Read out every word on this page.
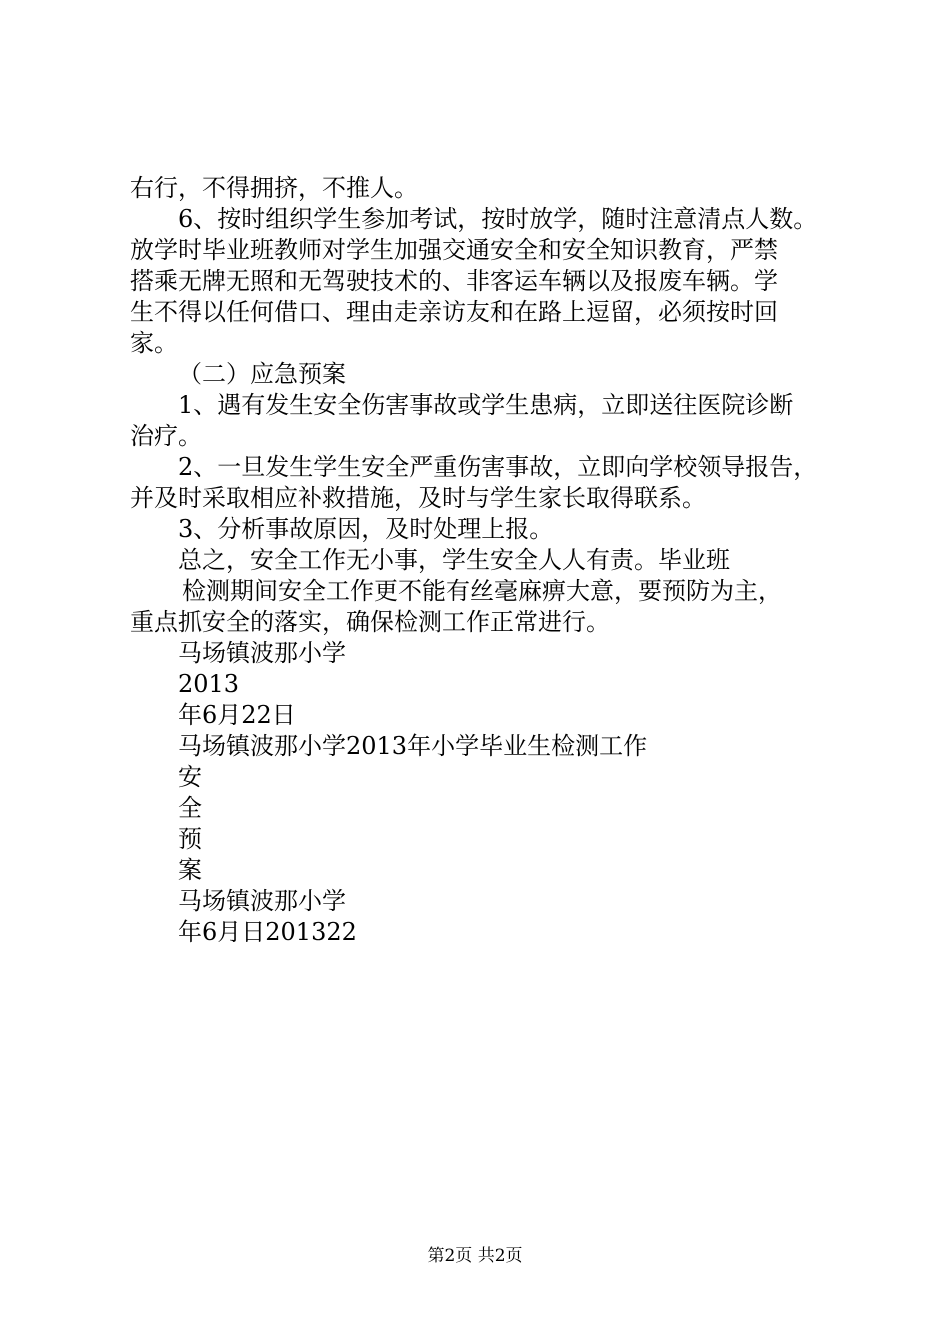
右行，不得拥挤，不推人。
6、按时组织学生参加考试，按时放学，随时注意清点人数。
放学时毕业班教师对学生加强交通安全和安全知识教育，严禁
搭乘无牌无照和无驾驶技术的、非客运车辆以及报废车辆。学
生不得以任何借口、理由走亲访友和在路上逗留，必须按时回
家。
（二）应急预案
1、遇有发生安全伤害事故或学生患病，立即送往医院诊断
治疗。
2、一旦发生学生安全严重伤害事故，立即向学校领导报告，
并及时采取相应补救措施，及时与学生家长取得联系。
3、分析事故原因，及时处理上报。
总之，安全工作无小事，学生安全人人有责。毕业班
检测期间安全工作更不能有丝毫麻痹大意，要预防为主，
重点抓安全的落实，确保检测工作正常进行。
马场镇波那小学
2013
年6月22日
马场镇波那小学2013年小学毕业生检测工作
安
全
预
案
马场镇波那小学
年6月日201322
第2页 共2页
